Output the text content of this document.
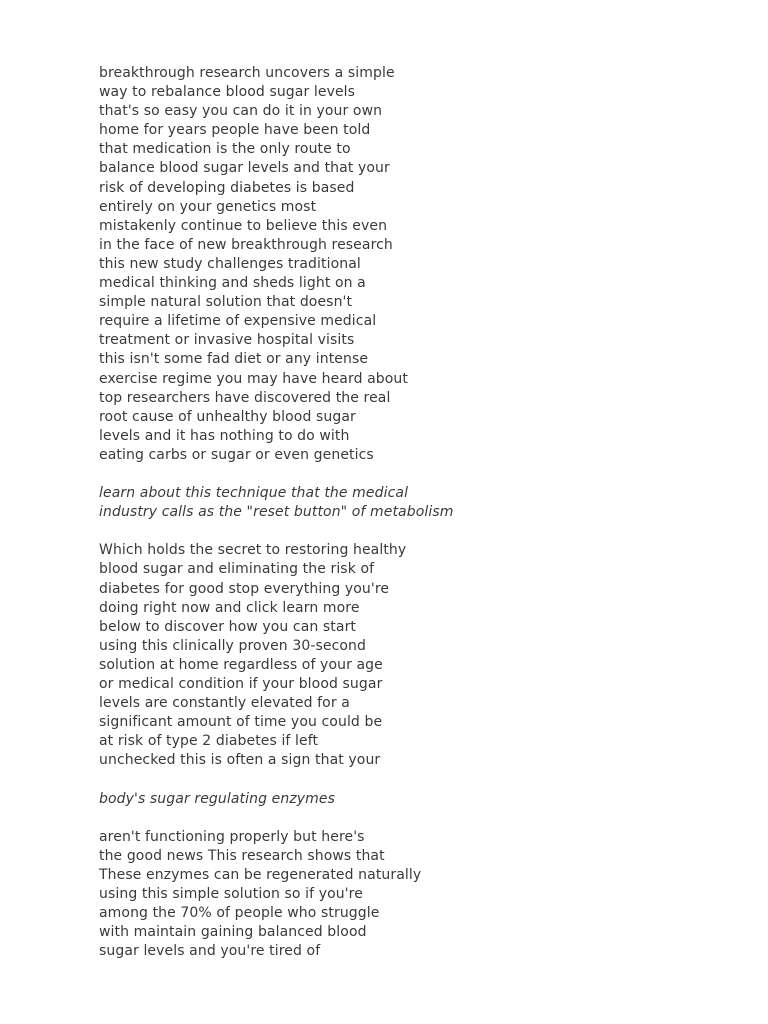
breakthrough research uncovers a simple
way to rebalance blood sugar levels
that's so easy you can do it in your own
home for years people have been told
that medication is the only route to
balance blood sugar levels and that your
risk of developing diabetes is based
entirely on your genetics most
mistakenly continue to believe this even
in the face of new breakthrough research
this new study challenges traditional
medical thinking and sheds light on a
simple natural solution that doesn't
require a lifetime of expensive medical
treatment or invasive hospital visits
this isn't some fad diet or any intense
exercise regime you may have heard about
top researchers have discovered the real
root cause of unhealthy blood sugar
levels and it has nothing to do with
eating carbs or sugar or even genetics
learn about this technique that the medical
industry calls as the "reset button" of metabolism
Which holds the secret to restoring healthy
blood sugar and eliminating the risk of
diabetes for good stop everything you're
doing right now and click learn more
below to discover how you can start
using this clinically proven 30-second
solution at home regardless of your age
or medical condition if your blood sugar
levels are constantly elevated for a
significant amount of time you could be
at risk of type 2 diabetes if left
unchecked this is often a sign that your
body's sugar regulating enzymes
aren't functioning properly but here's
the good news This research shows that
These enzymes can be regenerated naturally
using this simple solution so if you're
among the 70% of people who struggle
with maintain gaining balanced blood
sugar levels and you're tired of
